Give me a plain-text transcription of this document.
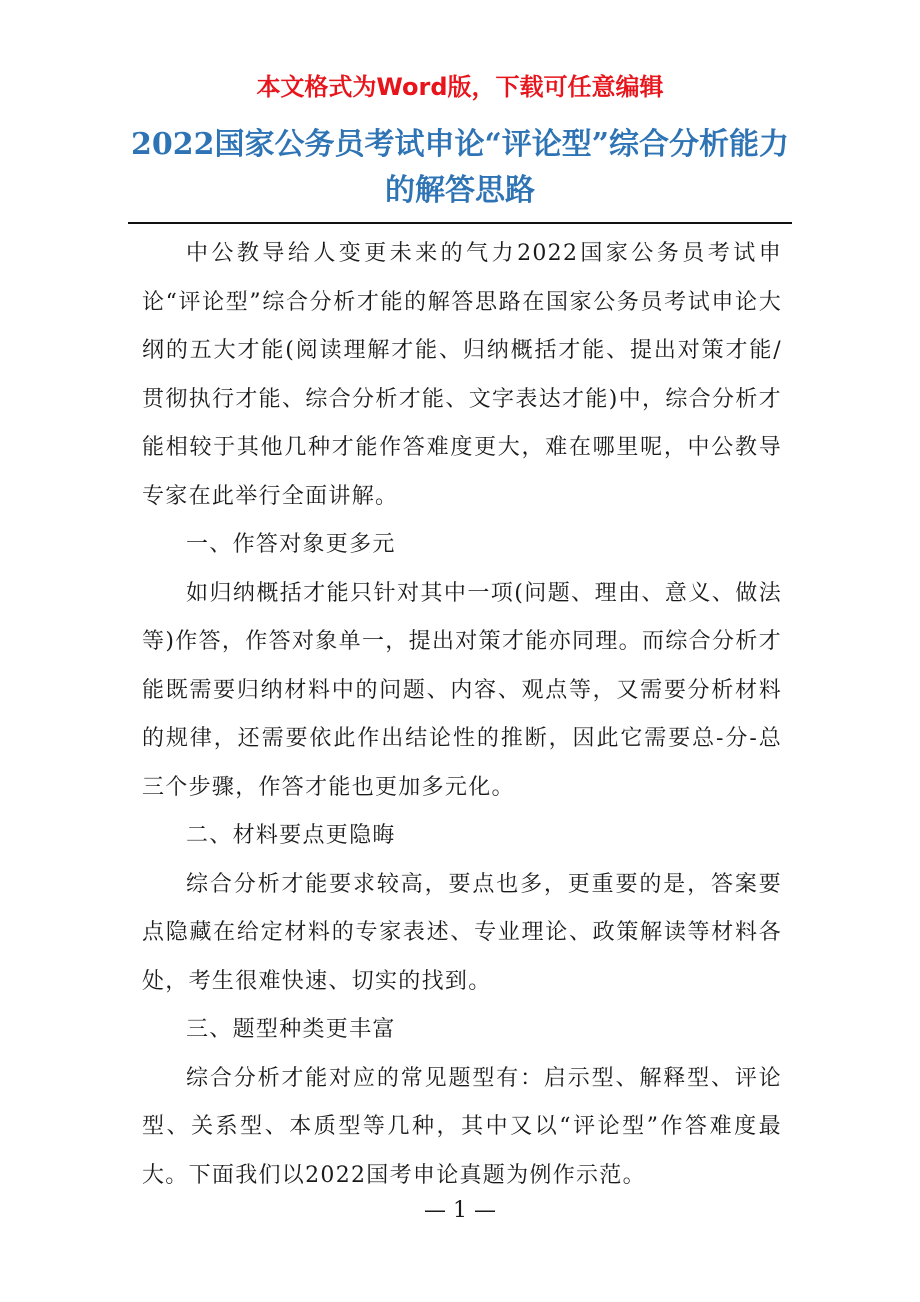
本文格式为Word版，下载可任意编辑
2022国家公务员考试申论“评论型”综合分析能力的解答思路

中公教导给人变更未来的气力2022国家公务员考试申论“评论型”综合分析才能的解答思路在国家公务员考试申论大纲的五大才能(阅读理解才能、归纳概括才能、提出对策才能/贯彻执行才能、综合分析才能、文字表达才能)中，综合分析才能相较于其他几种才能作答难度更大，难在哪里呢，中公教导专家在此举行全面讲解。

一、作答对象更多元

如归纳概括才能只针对其中一项(问题、理由、意义、做法等)作答，作答对象单一，提出对策才能亦同理。而综合分析才能既需要归纳材料中的问题、内容、观点等，又需要分析材料的规律，还需要依此作出结论性的推断，因此它需要总-分-总三个步骤，作答才能也更加多元化。

二、材料要点更隐晦

综合分析才能要求较高，要点也多，更重要的是，答案要点隐藏在给定材料的专家表述、专业理论、政策解读等材料各处，考生很难快速、切实的找到。

三、题型种类更丰富

综合分析才能对应的常见题型有：启示型、解释型、评论型、关系型、本质型等几种，其中又以“评论型”作答难度最大。下面我们以2022国考申论真题为例作示范。

— 1 —
